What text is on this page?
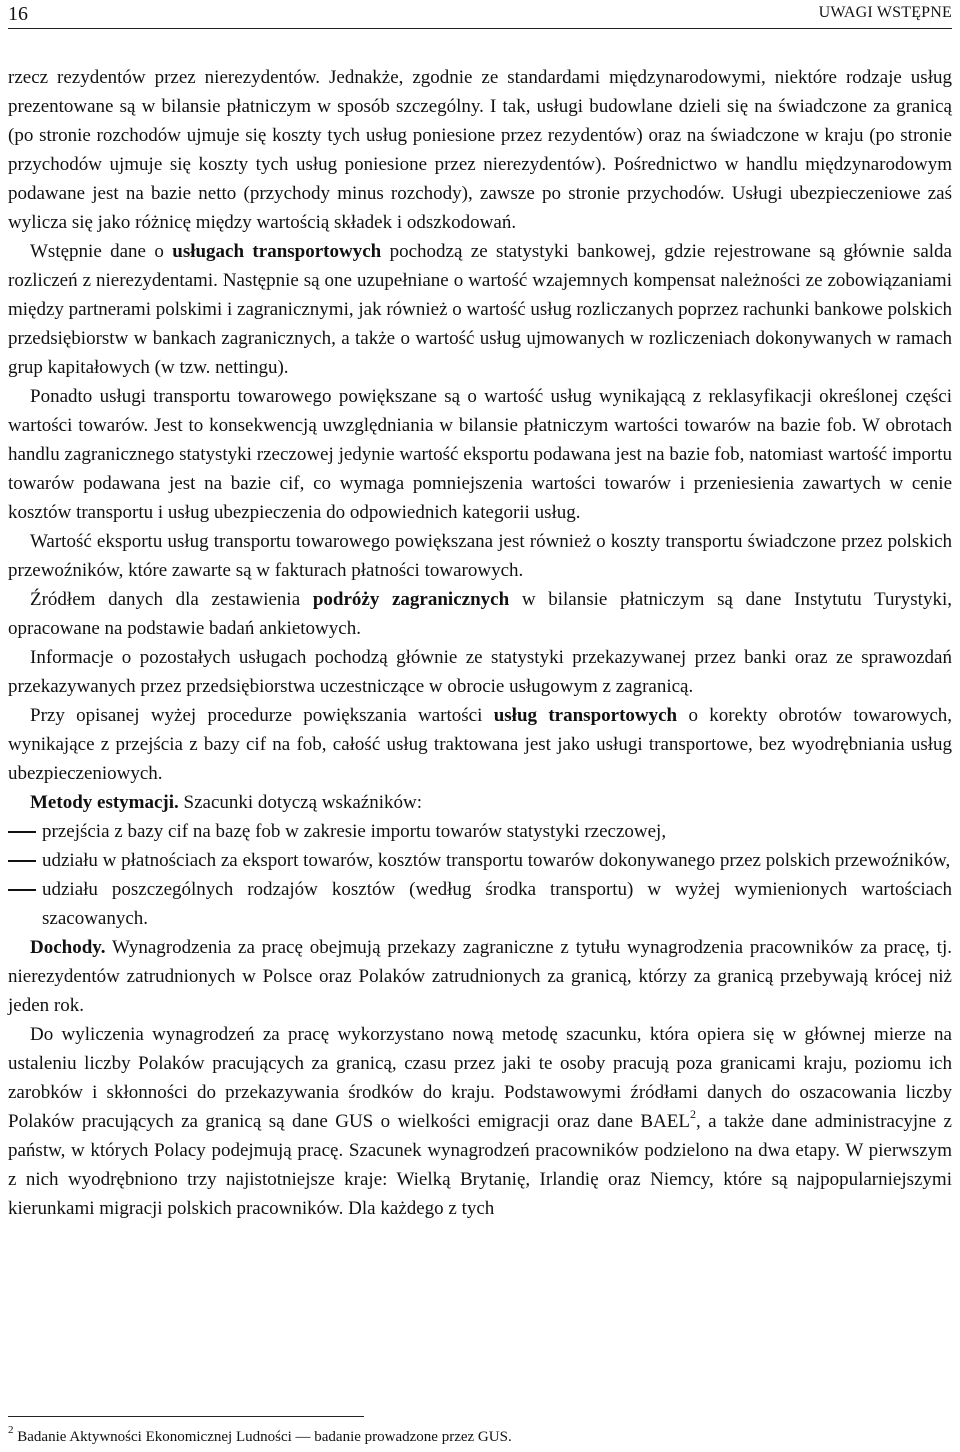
16	UWAGI WSTĘPNE

rzecz rezydentów przez nierezydentów. Jednakże, zgodnie ze standardami międzynarodowymi, niektóre rodzaje usług prezentowane są w bilansie płatniczym w sposób szczególny. I tak, usługi budowlane dzieli się na świadczone za granicą (po stronie rozchodów ujmuje się koszty tych usług poniesione przez rezydentów) oraz na świadczone w kraju (po stronie przychodów ujmuje się koszty tych usług poniesione przez nierezydentów). Pośrednictwo w handlu międzynarodowym podawane jest na bazie netto (przychody minus rozchody), zawsze po stronie przychodów. Usługi ubezpieczeniowe zaś wylicza się jako różnicę między wartością składek i odszkodowań.

Wstępnie dane o usługach transportowych pochodzą ze statystyki bankowej, gdzie rejestrowane są głównie salda rozliczeń z nierezydentami. Następnie są one uzupełniane o wartość wzajemnych kompensat należności ze zobowiązaniami między partnerami polskimi i zagranicznymi, jak również o wartość usług rozliczanych poprzez rachunki bankowe polskich przedsiębiorstw w bankach zagranicznych, a także o wartość usług ujmowanych w rozliczeniach dokonywanych w ramach grup kapitałowych (w tzw. nettingu).

Ponadto usługi transportu towarowego powiększane są o wartość usług wynikającą z reklasyfikacji określonej części wartości towarów. Jest to konsekwencją uwzględniania w bilansie płatniczym wartości towarów na bazie fob. W obrotach handlu zagranicznego statystyki rzeczowej jedynie wartość eksportu podawana jest na bazie fob, natomiast wartość importu towarów podawana jest na bazie cif, co wymaga pomniejszenia wartości towarów i przeniesienia zawartych w cenie kosztów transportu i usług ubezpieczenia do odpowiednich kategorii usług.

Wartość eksportu usług transportu towarowego powiększana jest również o koszty transportu świadczone przez polskich przewoźników, które zawarte są w fakturach płatności towarowych.

Źródłem danych dla zestawienia podróży zagranicznych w bilansie płatniczym są dane Instytutu Turystyki, opracowane na podstawie badań ankietowych.

Informacje o pozostałych usługach pochodzą głównie ze statystyki przekazywanej przez banki oraz ze sprawozdań przekazywanych przez przedsiębiorstwa uczestniczące w obrocie usługowym z zagranicą.

Przy opisanej wyżej procedurze powiększania wartości usług transportowych o korekty obrotów towarowych, wynikające z przejścia z bazy cif na fob, całość usług traktowana jest jako usługi transportowe, bez wyodrębniania usług ubezpieczeniowych.

Metody estymacji. Szacunki dotyczą wskaźników:

przejścia z bazy cif na bazę fob w zakresie importu towarów statystyki rzeczowej,
udziału w płatnościach za eksport towarów, kosztów transportu towarów dokonywanego przez polskich przewoźników,
udziału poszczególnych rodzajów kosztów (według środka transportu) w wyżej wymienionych wartościach szacowanych.

Dochody. Wynagrodzenia za pracę obejmują przekazy zagraniczne z tytułu wynagrodzenia pracowników za pracę, tj. nierezydentów zatrudnionych w Polsce oraz Polaków zatrudnionych za granicą, którzy za granicą przebywają krócej niż jeden rok.

Do wyliczenia wynagrodzeń za pracę wykorzystano nową metodę szacunku, która opiera się w głównej mierze na ustaleniu liczby Polaków pracujących za granicą, czasu przez jaki te osoby pracują poza granicami kraju, poziomu ich zarobków i skłonności do przekazywania środków do kraju. Podstawowymi źródłami danych do oszacowania liczby Polaków pracujących za granicą są dane GUS o wielkości emigracji oraz dane BAEL$^2$, a także dane administracyjne z państw, w których Polacy podejmują pracę. Szacunek wynagrodzeń pracowników podzielono na dwa etapy. W pierwszym z nich wyodrębniono trzy najistotniejsze kraje: Wielką Brytanię, Irlandię oraz Niemcy, które są najpopularniejszymi kierunkami migracji polskich pracowników. Dla każdego z tych

$^2$ Badanie Aktywności Ekonomicznej Ludności — badanie prowadzone przez GUS.
